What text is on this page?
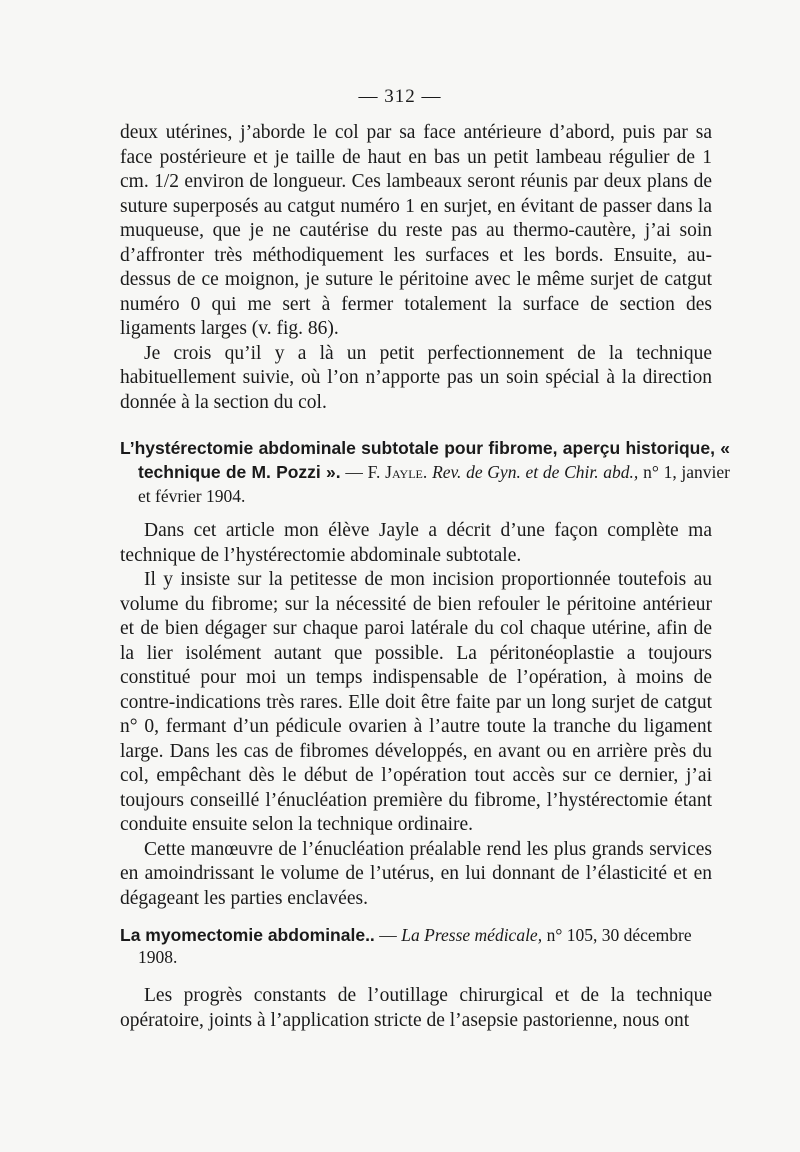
— 312 —

deux utérines, j’aborde le col par sa face antérieure d’abord, puis par sa face postérieure et je taille de haut en bas un petit lambeau régulier de 1 cm. 1/2 environ de longueur. Ces lambeaux seront réunis par deux plans de suture superposés au catgut numéro 1 en surjet, en évitant de passer dans la muqueuse, que je ne cautérise du reste pas au thermo-cautère, j’ai soin d’affronter très méthodiquement les surfaces et les bords. Ensuite, au-dessus de ce moignon, je suture le péritoine avec le même surjet de catgut numéro 0 qui me sert à fermer totalement la surface de section des ligaments larges (v. fig. 86).

Je crois qu’il y a là un petit perfectionnement de la technique habituellement suivie, où l’on n’apporte pas un soin spécial à la direction donnée à la section du col.

L’hystérectomie abdominale subtotale pour fibrome, aperçu historique, « technique de M. Pozzi ». — F. Jayle. Rev. de Gyn. et de Chir. abd., n° 1, janvier et février 1904.

Dans cet article mon élève Jayle a décrit d’une façon complète ma technique de l’hystérectomie abdominale subtotale.

Il y insiste sur la petitesse de mon incision proportionnée toutefois au volume du fibrome; sur la nécessité de bien refouler le péritoine antérieur et de bien dégager sur chaque paroi latérale du col chaque utérine, afin de la lier isolément autant que possible. La péritonéoplastie a toujours constitué pour moi un temps indispensable de l’opération, à moins de contre-indications très rares. Elle doit être faite par un long surjet de catgut n° 0, fermant d’un pédicule ovarien à l’autre toute la tranche du ligament large. Dans les cas de fibromes développés, en avant ou en arrière près du col, empêchant dès le début de l’opération tout accès sur ce dernier, j’ai toujours conseillé l’énucléation première du fibrome, l’hystérectomie étant conduite ensuite selon la technique ordinaire.

Cette manœuvre de l’énucléation préalable rend les plus grands services en amoindrissant le volume de l’utérus, en lui donnant de l’élasticité et en dégageant les parties enclavées.

La myomectomie abdominale.. — La Presse médicale, n° 105, 30 décembre 1908.

Les progrès constants de l’outillage chirurgical et de la technique opératoire, joints à l’application stricte de l’asepsie pastorienne, nous ont
